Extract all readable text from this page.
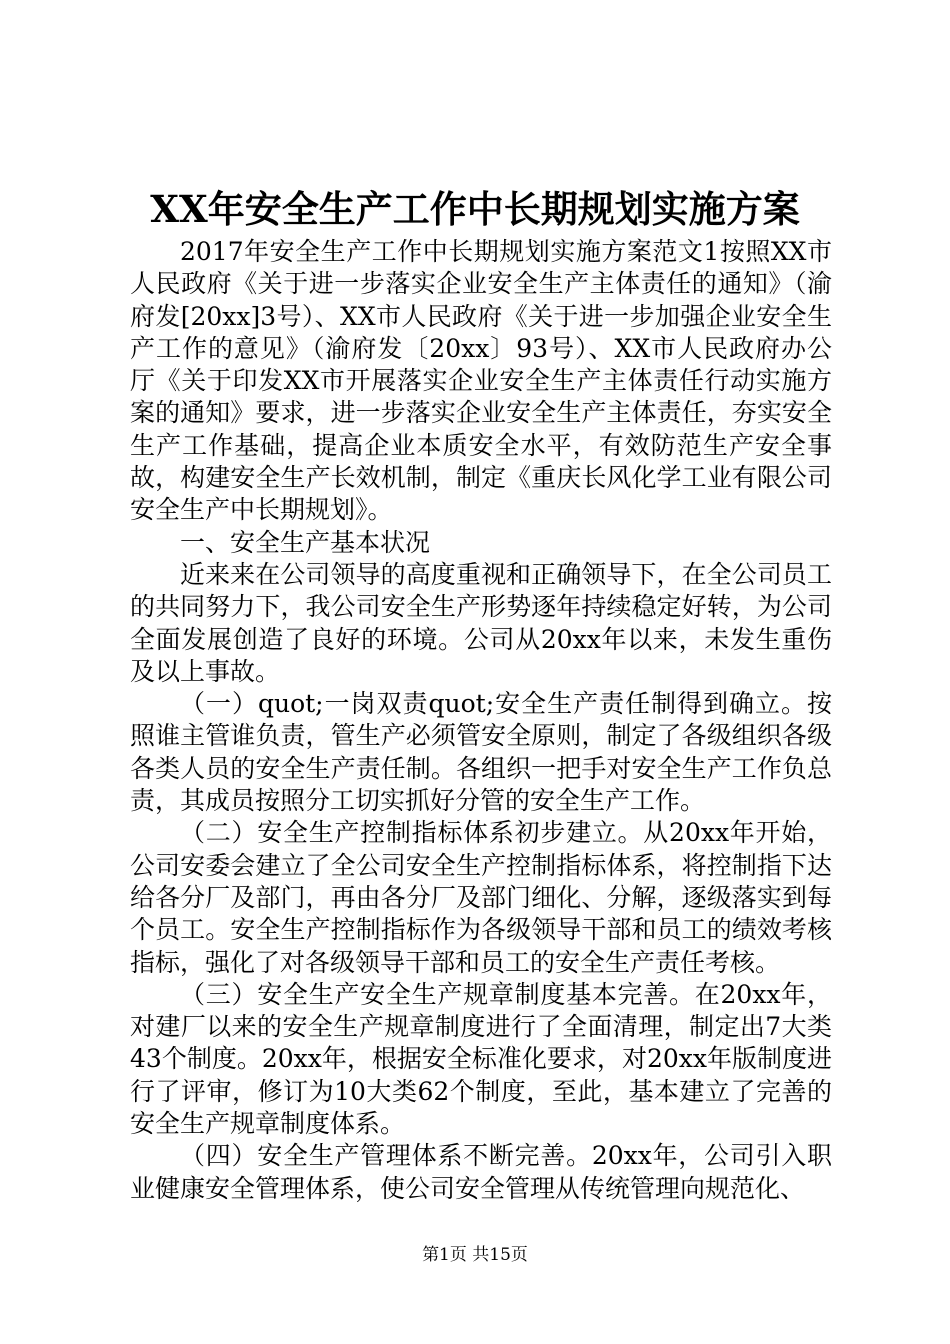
XX年安全生产工作中长期规划实施方案

2017年安全生产工作中长期规划实施方案范文1按照XX市人民政府《关于进一步落实企业安全生产主体责任的通知》（渝府发[20xx]3号）、XX市人民政府《关于进一步加强企业安全生产工作的意见》（渝府发〔20xx〕93号）、XX市人民政府办公厅《关于印发XX市开展落实企业安全生产主体责任行动实施方案的通知》要求，进一步落实企业安全生产主体责任，夯实安全生产工作基础，提高企业本质安全水平，有效防范生产安全事故，构建安全生产长效机制，制定《重庆长风化学工业有限公司安全生产中长期规划》。

一、安全生产基本状况

近来来在公司领导的高度重视和正确领导下，在全公司员工的共同努力下，我公司安全生产形势逐年持续稳定好转，为公司全面发展创造了良好的环境。公司从20xx年以来，未发生重伤及以上事故。

（一）quot;一岗双责quot;安全生产责任制得到确立。按照谁主管谁负责，管生产必须管安全原则，制定了各级组织各级各类人员的安全生产责任制。各组织一把手对安全生产工作负总责，其成员按照分工切实抓好分管的安全生产工作。

（二）安全生产控制指标体系初步建立。从20xx年开始，公司安委会建立了全公司安全生产控制指标体系，将控制指下达给各分厂及部门，再由各分厂及部门细化、分解，逐级落实到每个员工。安全生产控制指标作为各级领导干部和员工的绩效考核指标，强化了对各级领导干部和员工的安全生产责任考核。

（三）安全生产安全生产规章制度基本完善。在20xx年，对建厂以来的安全生产规章制度进行了全面清理，制定出7大类43个制度。20xx年，根据安全标准化要求，对20xx年版制度进行了评审，修订为10大类62个制度，至此，基本建立了完善的安全生产规章制度体系。

（四）安全生产管理体系不断完善。20xx年，公司引入职业健康安全管理体系，使公司安全管理从传统管理向规范化、

第1页 共15页
